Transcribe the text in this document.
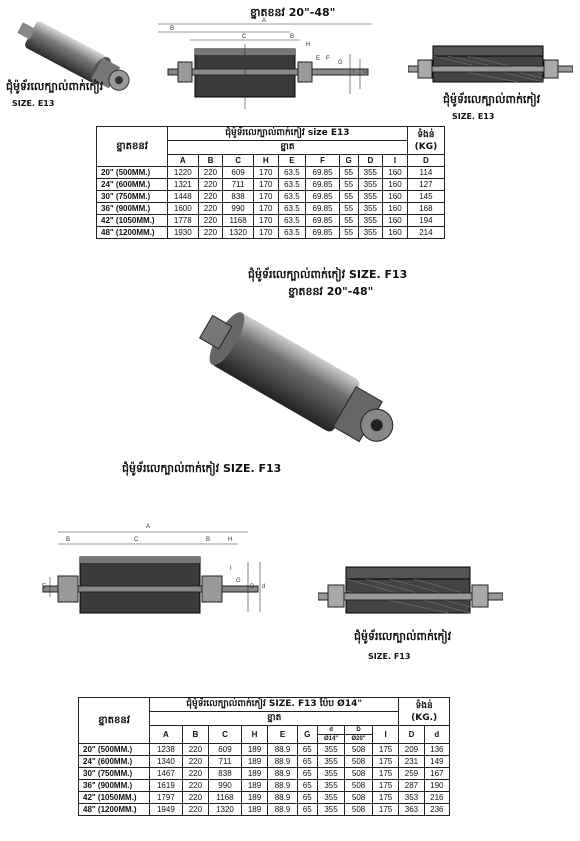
ជុំម៉ូទ័រលេក្បាល់ពាក់កៀវ
SIZE. E13
ខ្នាតខនវ 20"-48"
A
B
C	B
E F
G
H
I D
ជុំម៉ូទ័រលេក្បាល់ពាក់កៀវ
SIZE. E13
ខ្នាតខនវ	ជុំម៉ូទ័រលេក្បាល់ពាក់កៀវ size E13									ទំងន់
(KG)
	ខ្នាត									
	A	B	C	H	E	F	G	D	I	D
20" (500MM.)	1220	220	609	170	63.5	69.85	55	355	160	114
24" (600MM.)	1321	220	711	170	63.5	69.85	55	355	160	127
30" (750MM.)	1448	220	838	170	63.5	69.85	55	355	160	145
36" (900MM.)	1600	220	990	170	63.5	69.85	55	355	160	168
42" (1050MM.)	1778	220	1168	170	63.5	69.85	55	355	160	194
48" (1200MM.)	1930	220	1320	170	63.5	69.85	55	355	160	214
ជុំម៉ូទ័រលេក្បាល់ពាក់កៀវ SIZE. F13
ខ្នាតខនវ 20"-48"
ជុំម៉ូទ័រលេក្បាល់ពាក់កៀវ SIZE. F13
A
B	C	B	H
I
E
G
D d
ជុំម៉ូទ័រលេក្បាល់ពាក់កៀវ
SIZE. F13
ខ្នាតខនវ	ជុំម៉ូទ័រលេក្បាល់ពាក់កៀវ SIZE. F13 ប៉ែប Ø14"									ទំងន់
(KG.)	
	ខ្នាត										
	A	B	C	H	E	G	d	D	I	D	d
							Ø14"	Ø20"			
20" (500MM.)	1238	220	609	189	88.9	65	355	508	175	209	136
24" (600MM.)	1340	220	711	189	88.9	65	355	508	175	231	149
30" (750MM.)	1467	220	838	189	88.9	65	355	508	175	259	167
36" (900MM.)	1619	220	990	189	88.9	65	355	508	175	287	190
42" (1050MM.)	1797	220	1168	189	88.9	65	355	508	175	353	216
48" (1200MM.)	1949	220	1320	189	88.9	65	355	508	175	363	236
